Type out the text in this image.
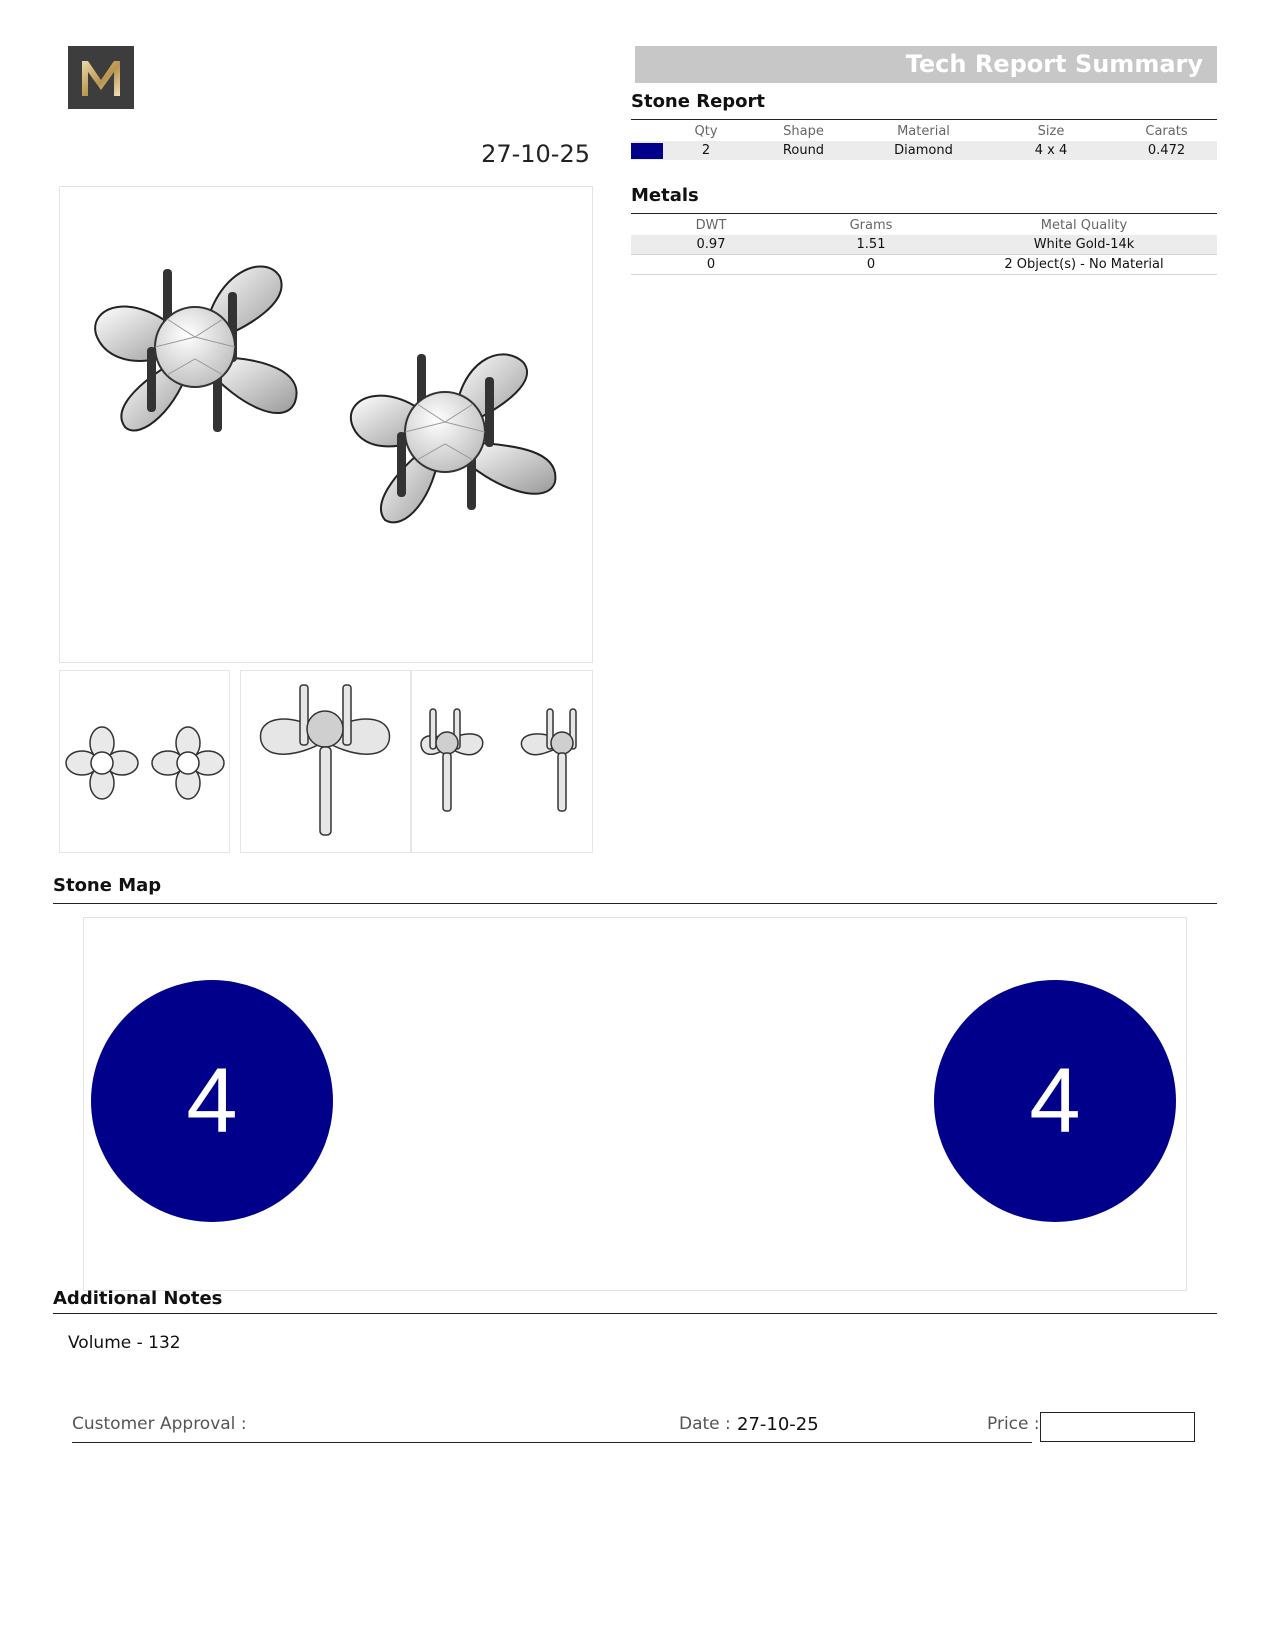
27-10-25
Tech Report Summary
Stone Report
	Qty	Shape	Material	Size	Carats
	2	Round	Diamond	4 x 4	0.472
Metals
DWT	Grams	Metal Quality
0.97	1.51	White Gold-14k
0	0	2 Object(s) - No Material
Stone Map
4	4
Additional Notes
Volume - 132
Customer Approval :	Date : 27-10-25	Price :
